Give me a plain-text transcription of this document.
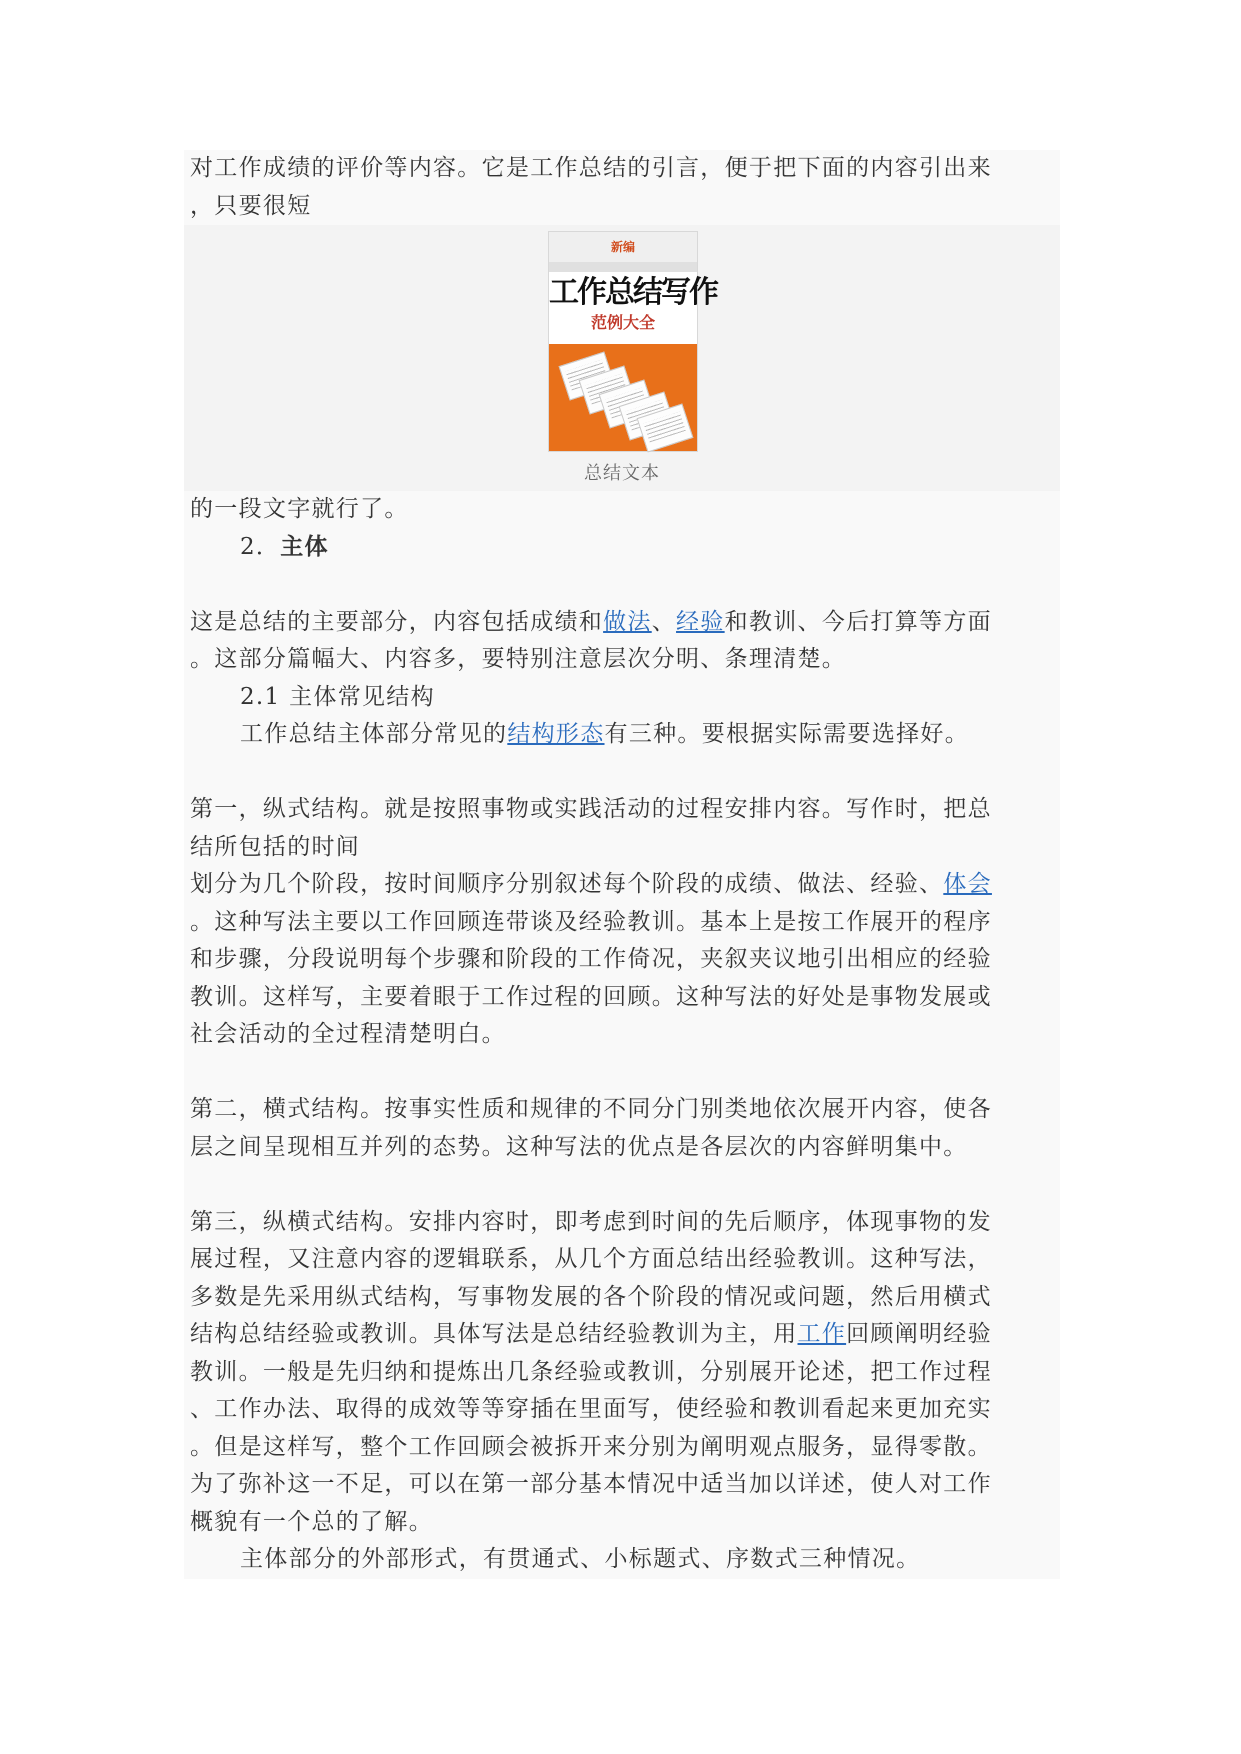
对工作成绩的评价等内容。它是工作总结的引言，便于把下面的内容引出来
，只要很短
新编
工作总结写作
范例大全
总结文本
的一段文字就行了。
2．主体
这是总结的主要部分，内容包括成绩和做法、经验和教训、今后打算等方面
。这部分篇幅大、内容多，要特别注意层次分明、条理清楚。
2.1 主体常见结构
工作总结主体部分常见的结构形态有三种。要根据实际需要选择好。
第一，纵式结构。就是按照事物或实践活动的过程安排内容。写作时，把总
结所包括的时间
划分为几个阶段，按时间顺序分别叙述每个阶段的成绩、做法、经验、体会
。这种写法主要以工作回顾连带谈及经验教训。基本上是按工作展开的程序
和步骤，分段说明每个步骤和阶段的工作倚况，夹叙夹议地引出相应的经验
教训。这样写，主要着眼于工作过程的回顾。这种写法的好处是事物发展或
社会活动的全过程清楚明白。
第二，横式结构。按事实性质和规律的不同分门别类地依次展开内容，使各
层之间呈现相互并列的态势。这种写法的优点是各层次的内容鲜明集中。
第三，纵横式结构。安排内容时，即考虑到时间的先后顺序，体现事物的发
展过程，又注意内容的逻辑联系，从几个方面总结出经验教训。这种写法，
多数是先采用纵式结构，写事物发展的各个阶段的情况或问题，然后用横式
结构总结经验或教训。具体写法是总结经验教训为主，用工作回顾阐明经验
教训。一般是先归纳和提炼出几条经验或教训，分别展开论述，把工作过程
、工作办法、取得的成效等等穿插在里面写，使经验和教训看起来更加充实
。但是这样写，整个工作回顾会被拆开来分别为阐明观点服务，显得零散。
为了弥补这一不足，可以在第一部分基本情况中适当加以详述，使人对工作
概貌有一个总的了解。
主体部分的外部形式，有贯通式、小标题式、序数式三种情况。
